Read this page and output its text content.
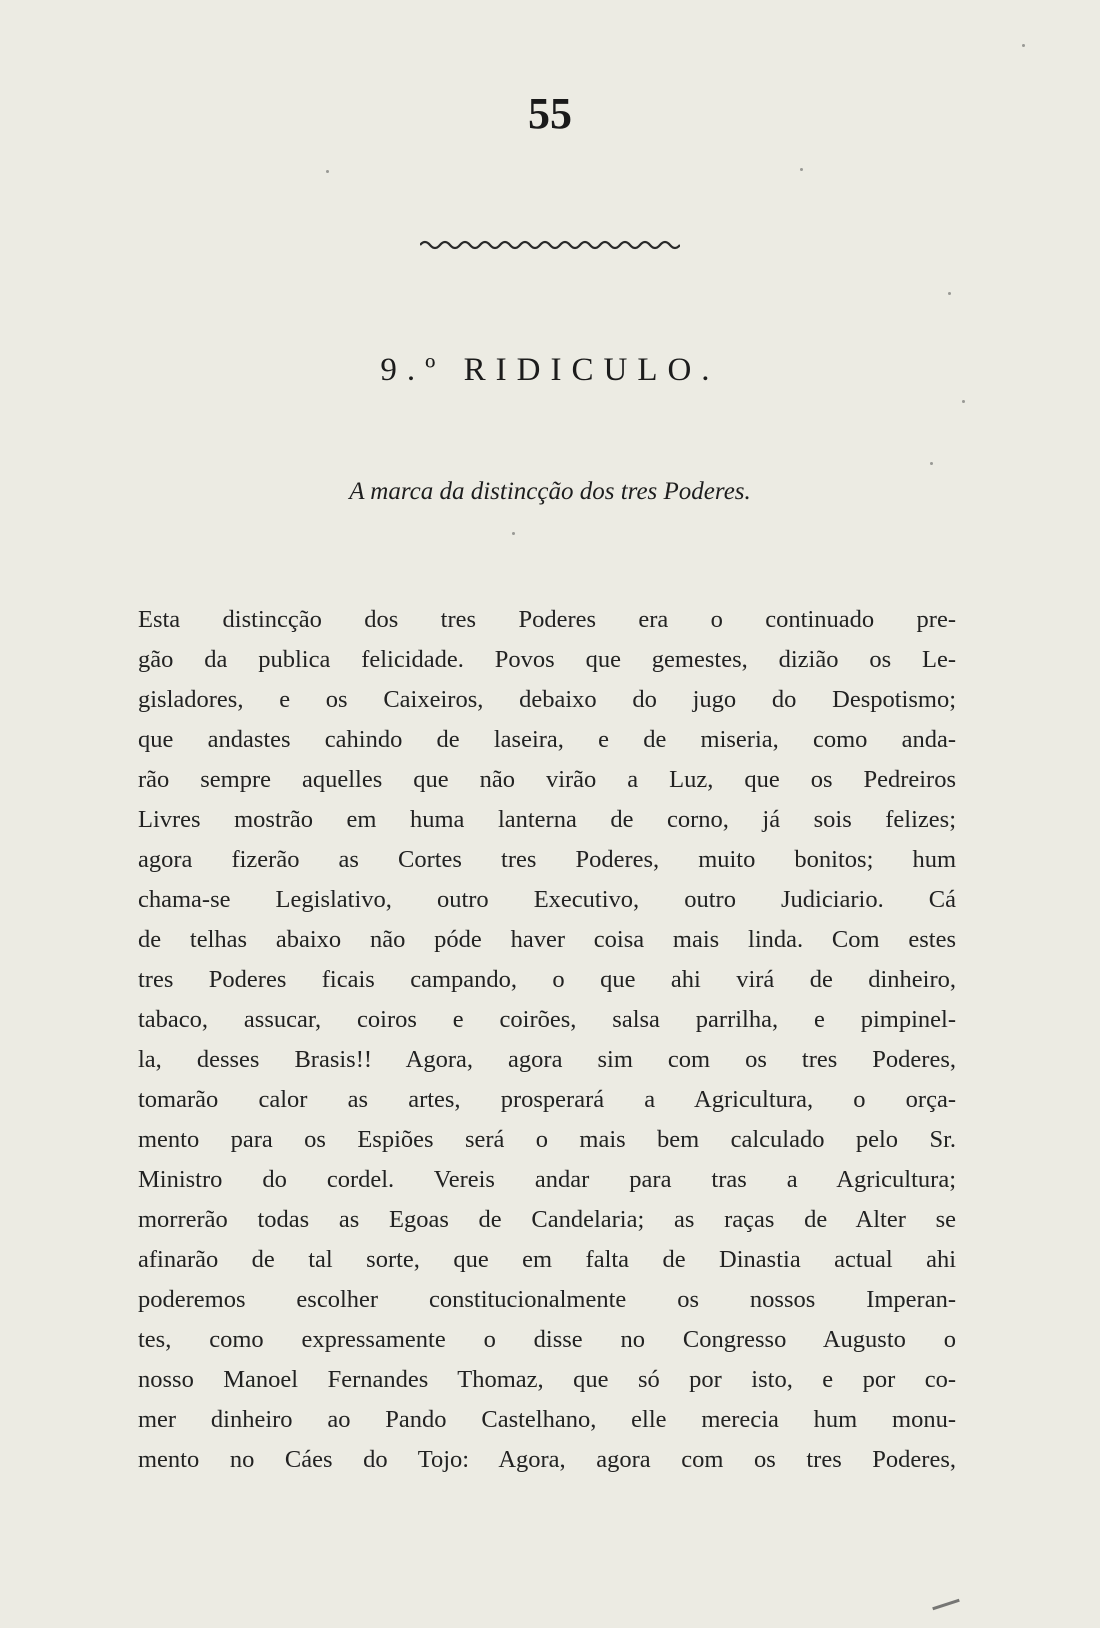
55
9.º RIDICULO.
A marca da distincção dos tres Poderes.
Esta distincção dos tres Poderes era o continuado pre-
gão da publica felicidade. Povos que gemestes, dizião os Le-
gisladores, e os Caixeiros, debaixo do jugo do Despotismo;
que andastes cahindo de laseira, e de miseria, como anda-
rão sempre aquelles que não virão a Luz, que os Pedreiros
Livres mostrão em huma lanterna de corno, já sois felizes;
agora fizerão as Cortes tres Poderes, muito bonitos; hum
chama-se Legislativo, outro Executivo, outro Judiciario. Cá
de telhas abaixo não póde haver coisa mais linda. Com estes
tres Poderes ficais campando, o que ahi virá de dinheiro,
tabaco, assucar, coiros e coirões, salsa parrilha, e pimpinel-
la, desses Brasis!! Agora, agora sim com os tres Poderes,
tomarão calor as artes, prosperará a Agricultura, o orça-
mento para os Espiões será o mais bem calculado pelo Sr.
Ministro do cordel. Vereis andar para tras a Agricultura;
morrerão todas as Egoas de Candelaria; as raças de Alter se
afinarão de tal sorte, que em falta de Dinastia actual ahi
poderemos escolher constitucionalmente os nossos Imperan-
tes, como expressamente o disse no Congresso Augusto o
nosso Manoel Fernandes Thomaz, que só por isto, e por co-
mer dinheiro ao Pando Castelhano, elle merecia hum monu-
mento no Cáes do Tojo: Agora, agora com os tres Poderes,
